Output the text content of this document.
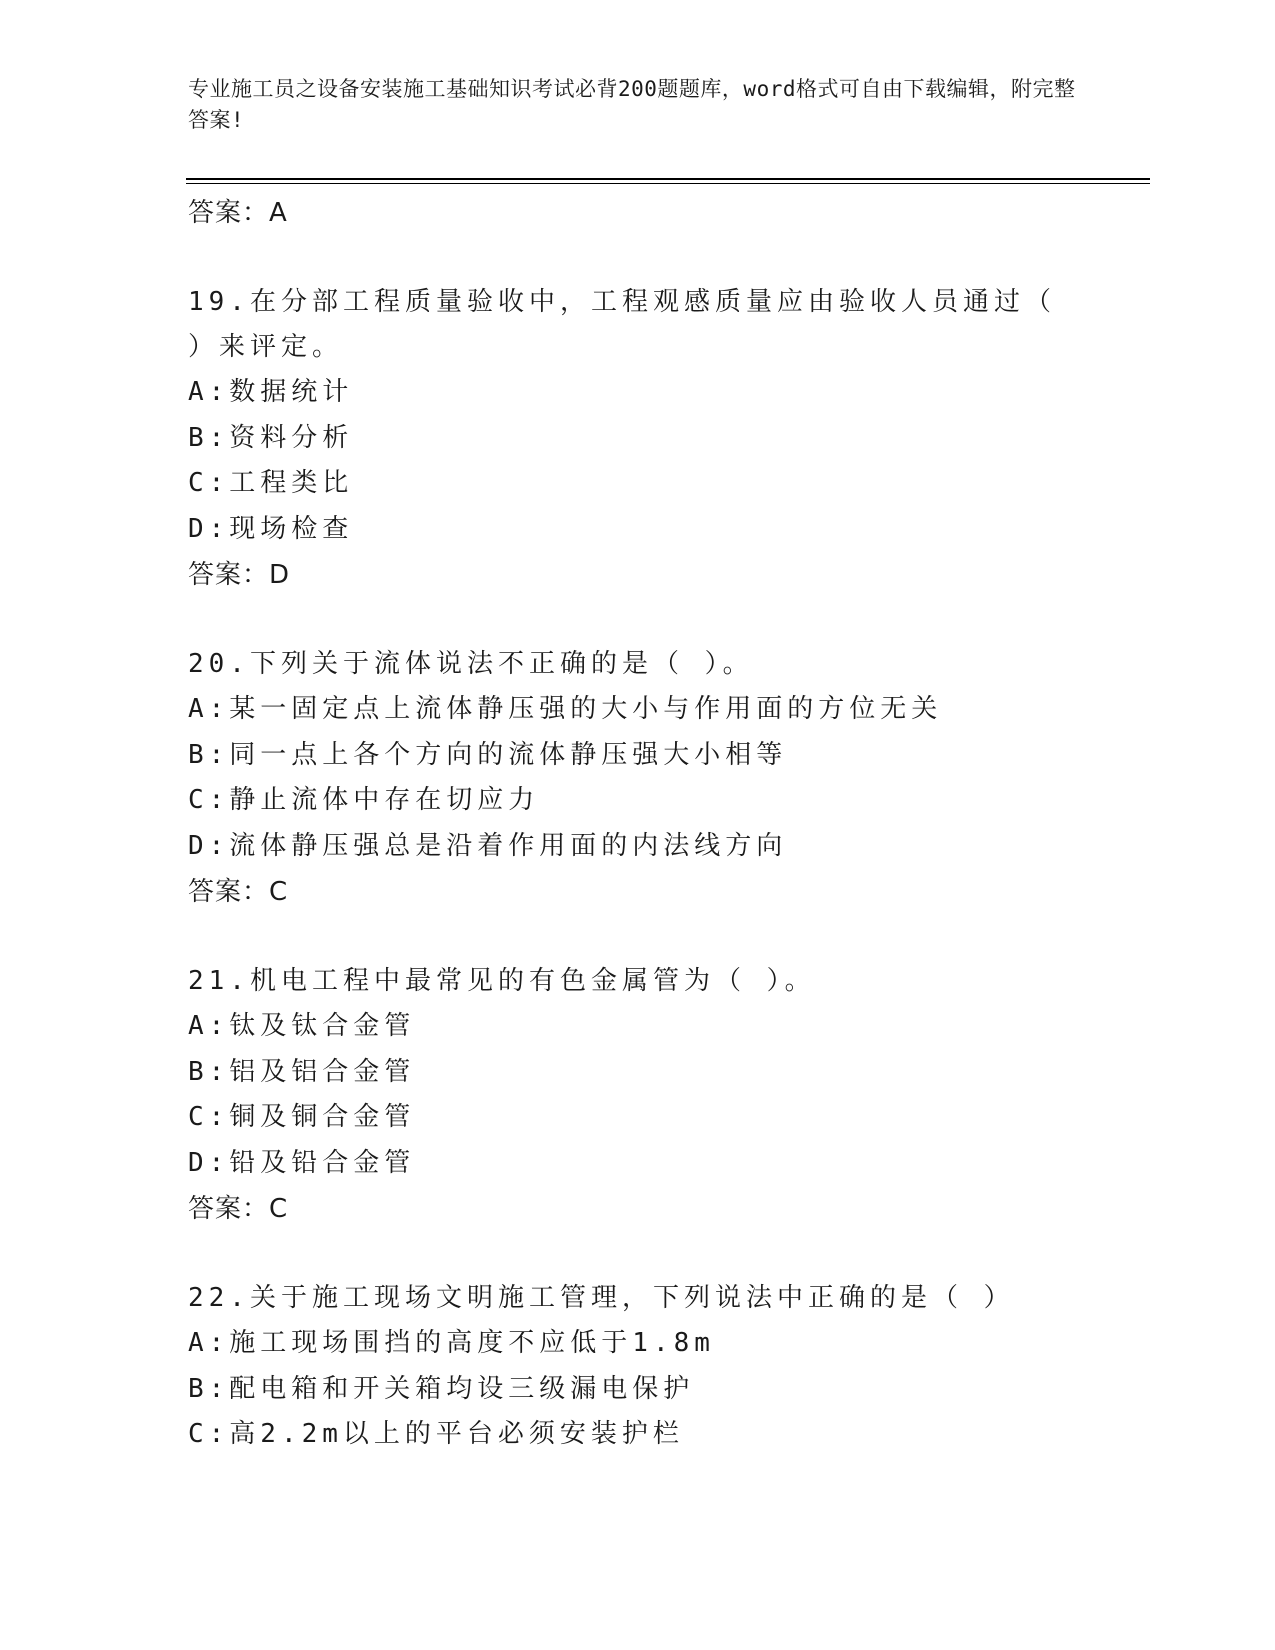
专业施工员之设备安装施工基础知识考试必背200题题库，word格式可自由下载编辑，附完整答案!
答案：A
19.在分部工程质量验收中，工程观感质量应由验收人员通过（ ）来评定。
A:数据统计
B:资料分析
C:工程类比
D:现场检查
答案：D
20.下列关于流体说法不正确的是（ ）。
A:某一固定点上流体静压强的大小与作用面的方位无关
B:同一点上各个方向的流体静压强大小相等
C:静止流体中存在切应力
D:流体静压强总是沿着作用面的内法线方向
答案：C
21.机电工程中最常见的有色金属管为（ ）。
A:钛及钛合金管
B:铝及铝合金管
C:铜及铜合金管
D:铅及铅合金管
答案：C
22.关于施工现场文明施工管理，下列说法中正确的是（ ）
A:施工现场围挡的高度不应低于1.8m
B:配电箱和开关箱均设三级漏电保护
C:高2.2m以上的平台必须安装护栏
